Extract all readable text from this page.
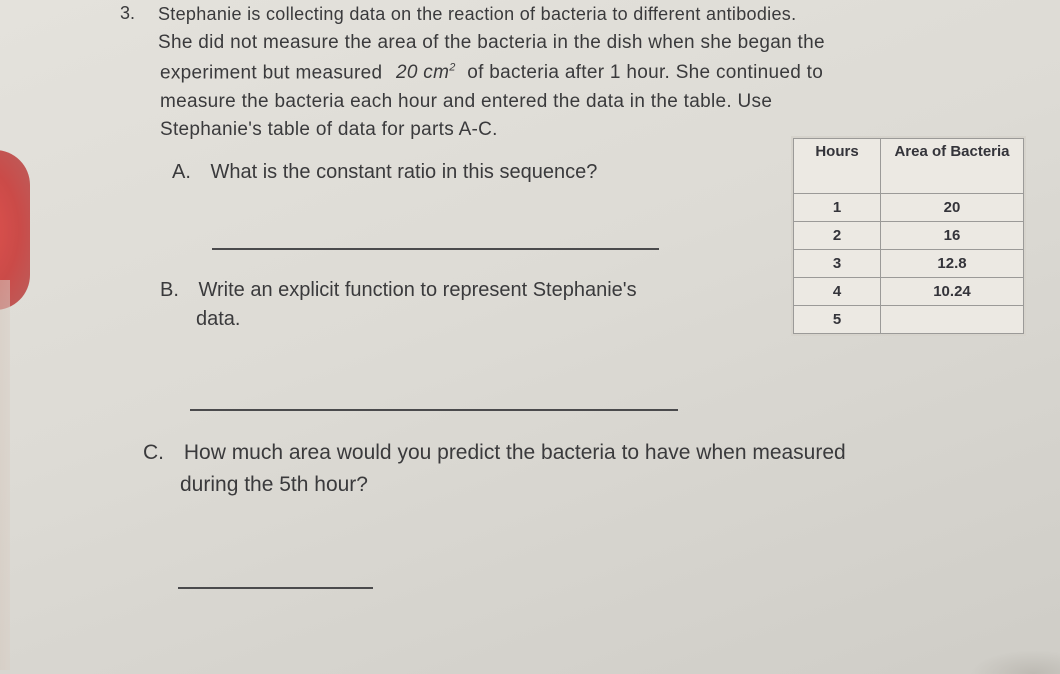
3. Stephanie is collecting data on the reaction of bacteria to different antibodies.
She did not measure the area of the bacteria in the dish when she began the
experiment but measured 20 $cm^2$ of bacteria after 1 hour. She continued to
measure the bacteria each hour and entered the data in the table. Use
Stephanie's table of data for parts A-C.
A. What is the constant ratio in this sequence?
B. Write an explicit function to represent Stephanie's
data.
C. How much area would you predict the bacteria to have when measured
during the 5th hour?
Hours	Area of Bacteria
1	20
2	16
3	12.8
4	10.24
5	
